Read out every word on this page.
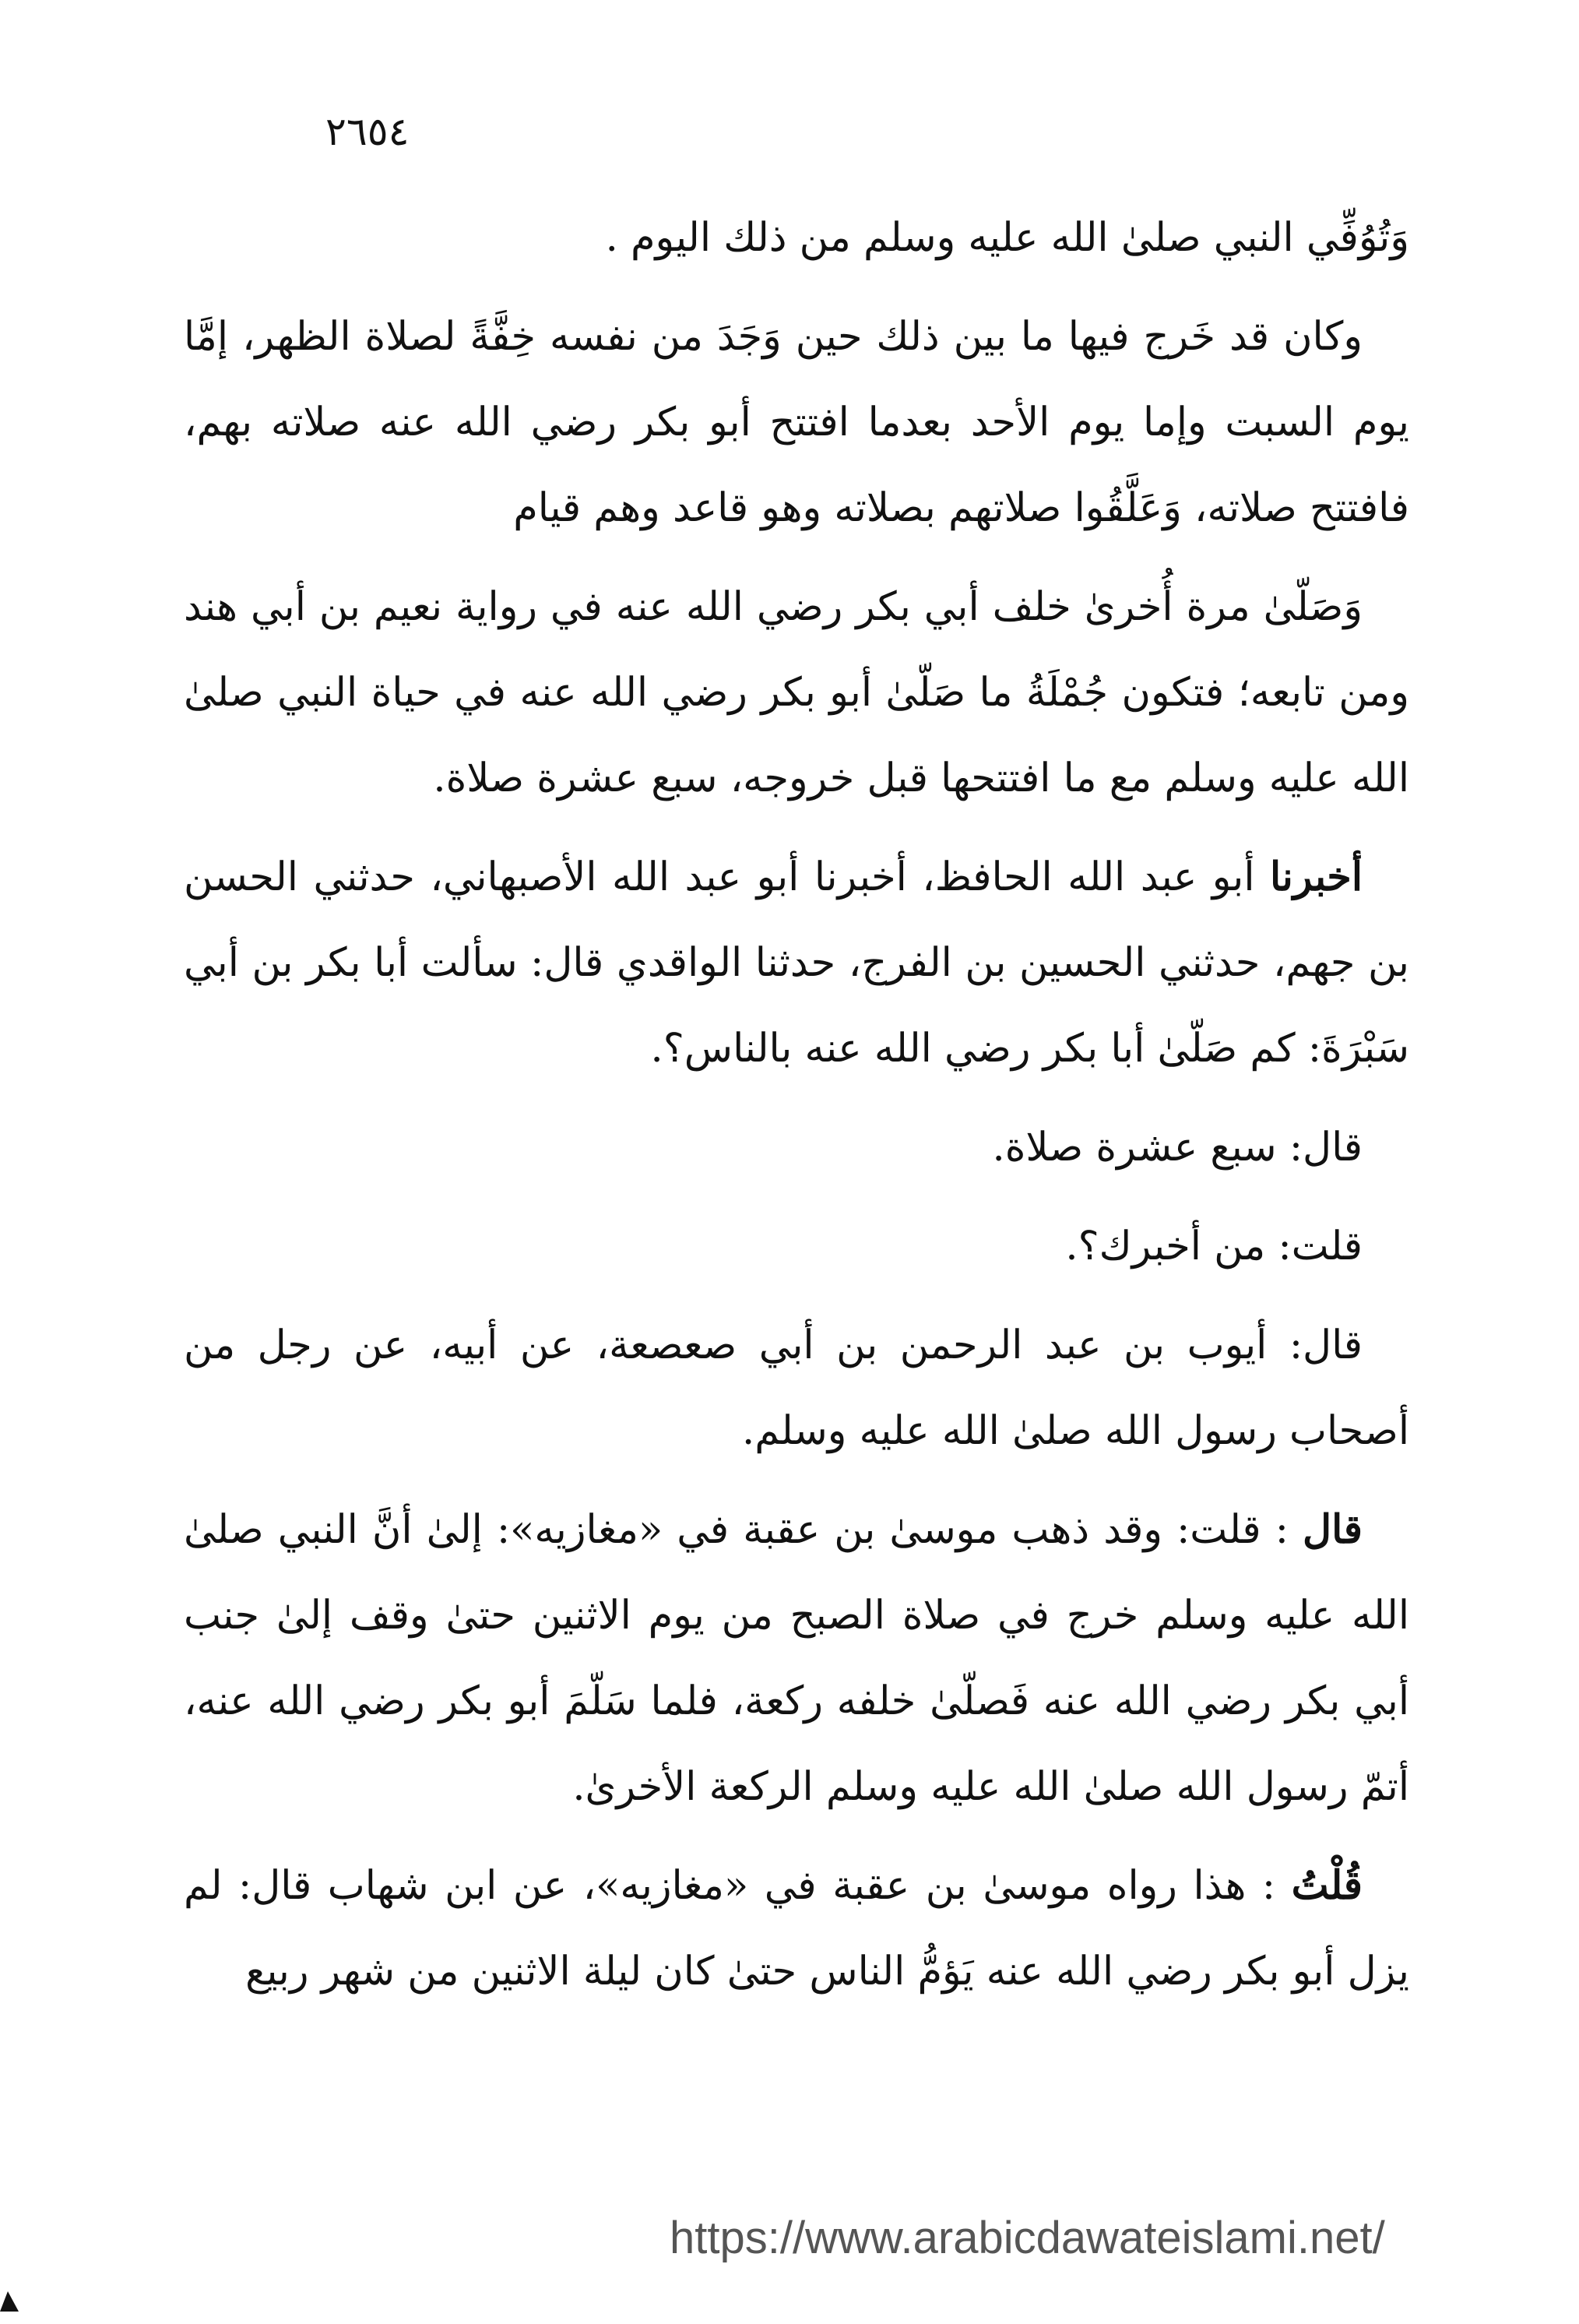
٢٦٥٤

وَتُوُفِّي النبي صلىٰ الله عليه وسلم من ذلك اليوم .

وكان قد خَرج فيها ما بين ذلك حين وَجَدَ من نفسه خِفَّةً لصلاة الظهر، إمَّا يوم السبت وإما يوم الأحد بعدما افتتح أبو بكر رضي الله عنه صلاته بهم، فافتتح صلاته، وَعَلَّقُوا صلاتهم بصلاته وهو قاعد وهم قيام

وَصَلّىٰ مرة أُخرىٰ خلف أبي بكر رضي الله عنه في رواية نعيم بن أبي هند ومن تابعه؛ فتكون جُمْلَةُ ما صَلّىٰ أبو بكر رضي الله عنه في حياة النبي صلىٰ الله عليه وسلم مع ما افتتحها قبل خروجه، سبع عشرة صلاة.

أخبرنا أبو عبد الله الحافظ، أخبرنا أبو عبد الله الأصبهاني، حدثني الحسن بن جهم، حدثني الحسين بن الفرج، حدثنا الواقدي قال: سألت أبا بكر بن أبي سَبْرَةَ: كم صَلّىٰ أبا بكر رضي الله عنه بالناس؟.

قال: سبع عشرة صلاة.

قلت: من أخبرك؟.

قال: أيوب بن عبد الرحمن بن أبي صعصعة، عن أبيه، عن رجل من أصحاب رسول الله صلىٰ الله عليه وسلم.

قال : قلت: وقد ذهب موسىٰ بن عقبة في «مغازيه»: إلىٰ أنَّ النبي صلىٰ الله عليه وسلم خرج في صلاة الصبح من يوم الاثنين حتىٰ وقف إلىٰ جنب أبي بكر رضي الله عنه فَصلّىٰ خلفه ركعة، فلما سَلّمَ أبو بكر رضي الله عنه، أتمّ رسول الله صلىٰ الله عليه وسلم الركعة الأخرىٰ.

قُلْتُ : هذا رواه موسىٰ بن عقبة في «مغازيه»، عن ابن شهاب قال: لم يزل أبو بكر رضي الله عنه يَؤمُّ الناس حتىٰ كان ليلة الاثنين من شهر ربيع

https://www.arabicdawateislami.net/
